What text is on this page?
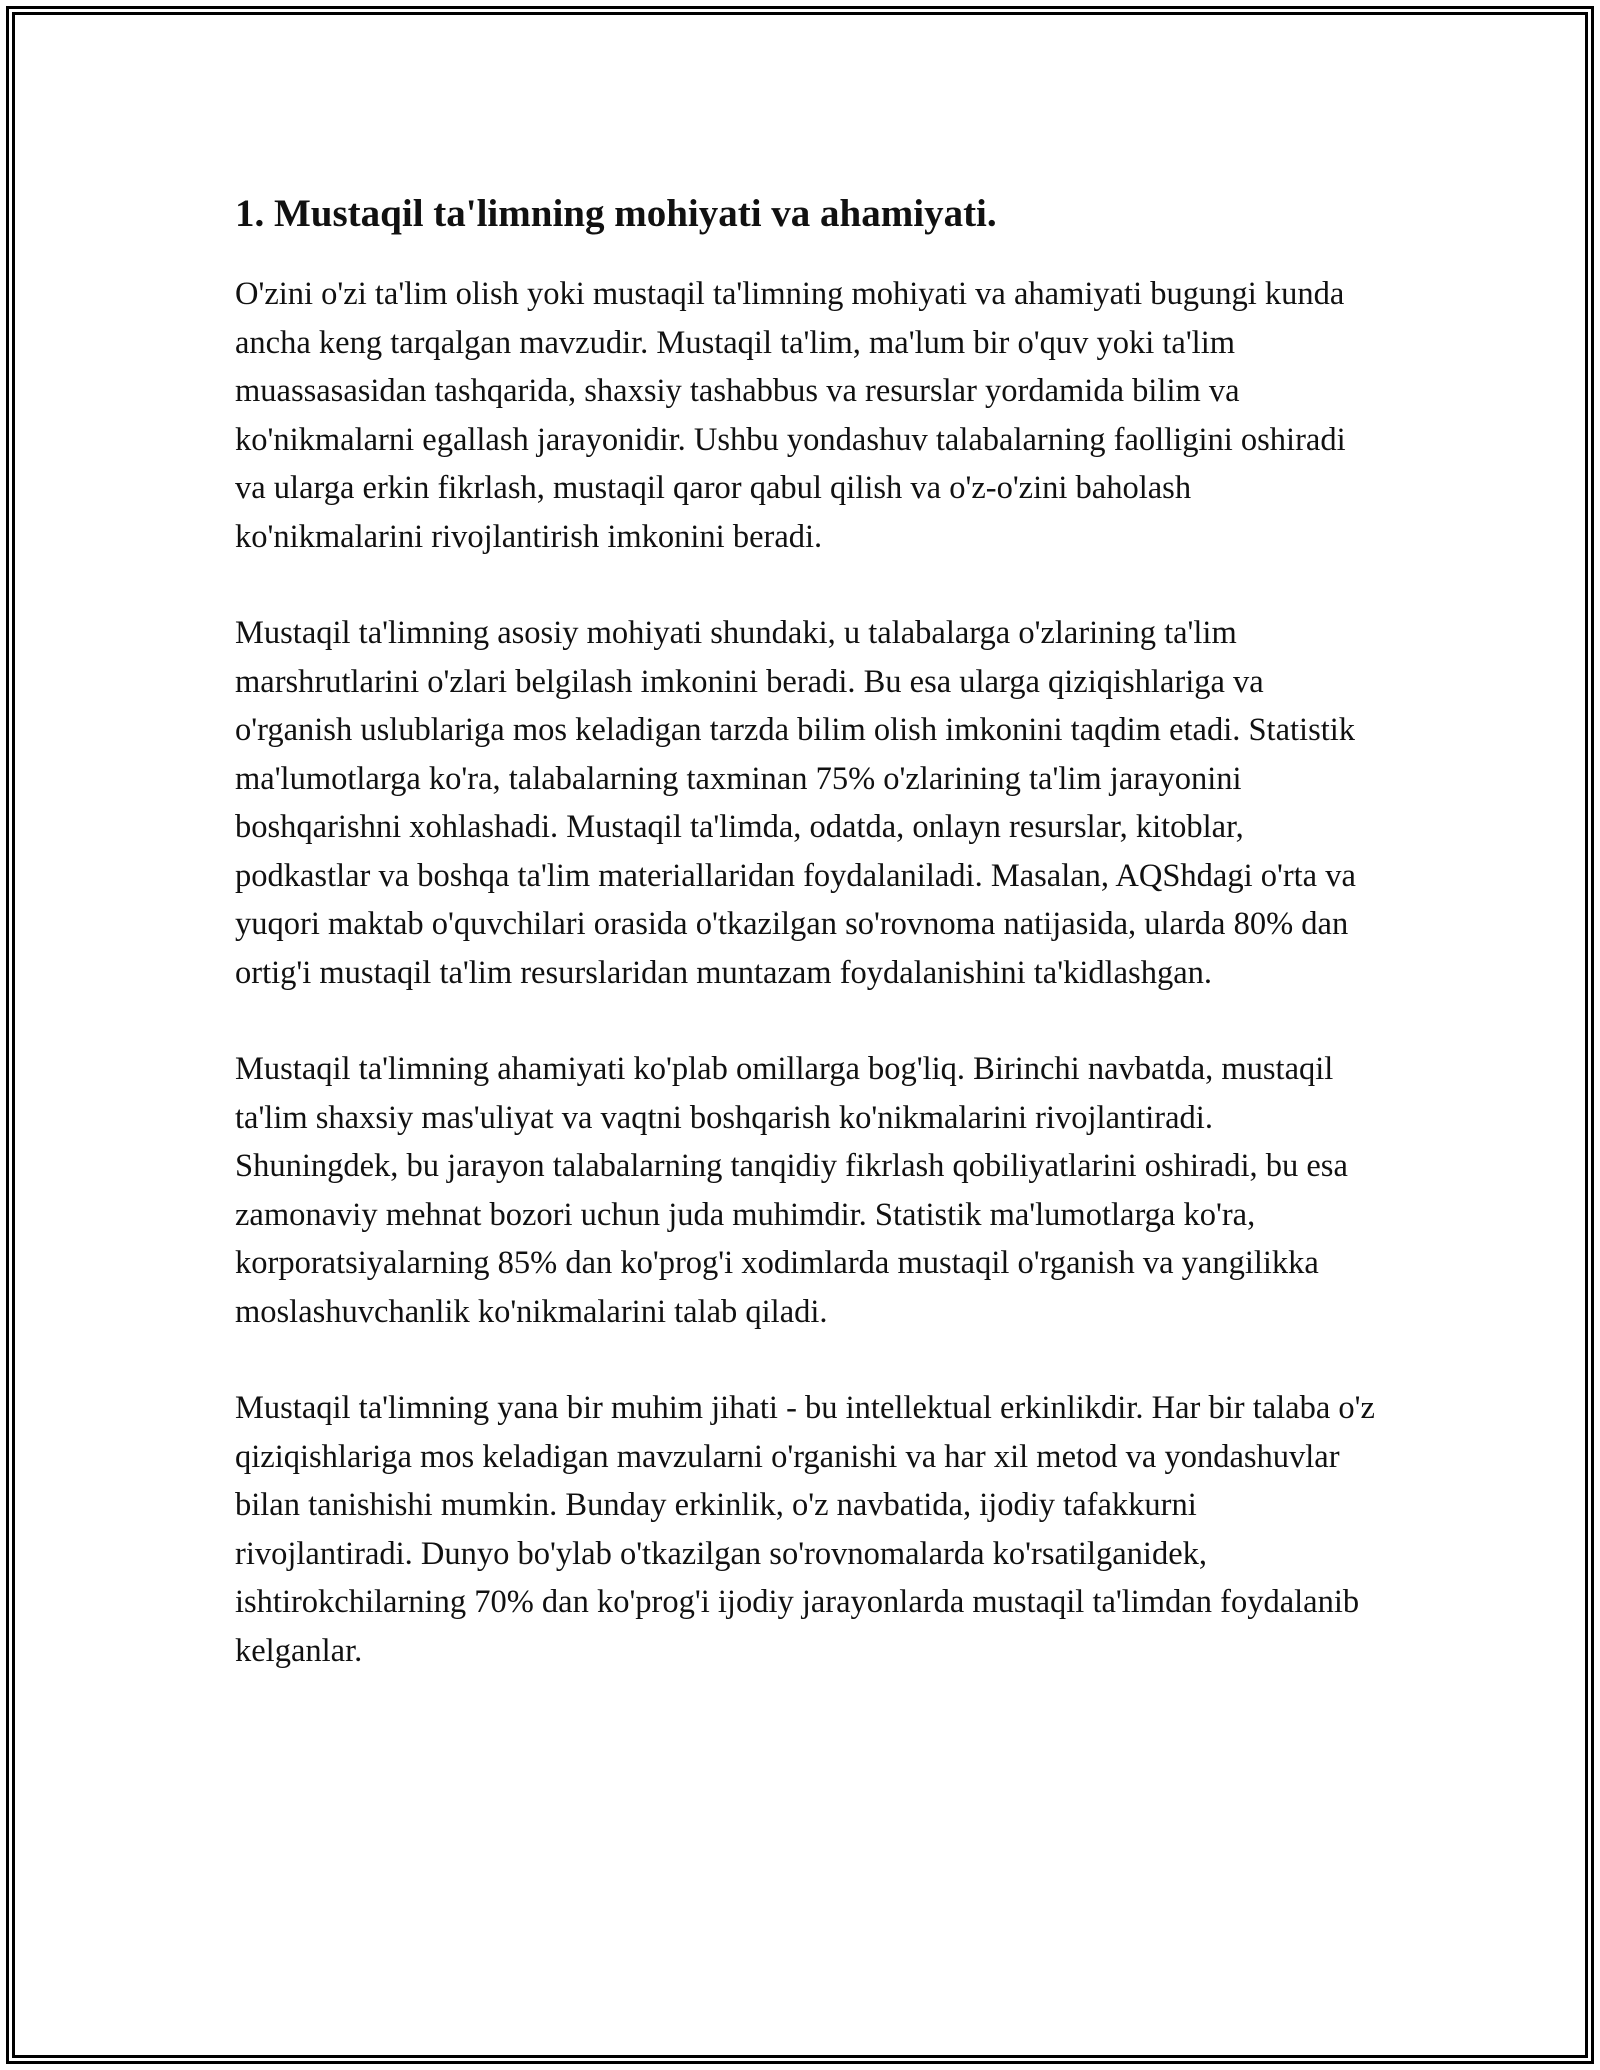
1. Mustaqil ta'limning mohiyati va ahamiyati.

O'zini o'zi ta'lim olish yoki mustaqil ta'limning mohiyati va ahamiyati bugungi kunda ancha keng tarqalgan mavzudir. Mustaqil ta'lim, ma'lum bir o'quv yoki ta'lim muassasasidan tashqarida, shaxsiy tashabbus va resurslar yordamida bilim va ko'nikmalarni egallash jarayonidir. Ushbu yondashuv talabalarning faolligini oshiradi va ularga erkin fikrlash, mustaqil qaror qabul qilish va o'z-o'zini baholash ko'nikmalarini rivojlantirish imkonini beradi.

Mustaqil ta'limning asosiy mohiyati shundaki, u talabalarga o'zlarining ta'lim marshrutlarini o'zlari belgilash imkonini beradi. Bu esa ularga qiziqishlariga va o'rganish uslublariga mos keladigan tarzda bilim olish imkonini taqdim etadi. Statistik ma'lumotlarga ko'ra, talabalarning taxminan 75% o'zlarining ta'lim jarayonini boshqarishni xohlashadi. Mustaqil ta'limda, odatda, onlayn resurslar, kitoblar, podkastlar va boshqa ta'lim materiallaridan foydalaniladi. Masalan, AQShdagi o'rta va yuqori maktab o'quvchilari orasida o'tkazilgan so'rovnoma natijasida, ularda 80% dan ortig'i mustaqil ta'lim resurslaridan muntazam foydalanishini ta'kidlashgan.

Mustaqil ta'limning ahamiyati ko'plab omillarga bog'liq. Birinchi navbatda, mustaqil ta'lim shaxsiy mas'uliyat va vaqtni boshqarish ko'nikmalarini rivojlantiradi. Shuningdek, bu jarayon talabalarning tanqidiy fikrlash qobiliyatlarini oshiradi, bu esa zamonaviy mehnat bozori uchun juda muhimdir. Statistik ma'lumotlarga ko'ra, korporatsiyalarning 85% dan ko'prog'i xodimlarda mustaqil o'rganish va yangilikka moslashuvchanlik ko'nikmalarini talab qiladi.

Mustaqil ta'limning yana bir muhim jihati - bu intellektual erkinlikdir. Har bir talaba o'z qiziqishlariga mos keladigan mavzularni o'rganishi va har xil metod va yondashuvlar bilan tanishishi mumkin. Bunday erkinlik, o'z navbatida, ijodiy tafakkurni rivojlantiradi. Dunyo bo'ylab o'tkazilgan so'rovnomalarda ko'rsatilganidek, ishtirokchilarning 70% dan ko'prog'i ijodiy jarayonlarda mustaqil ta'limdan foydalanib kelganlar.
